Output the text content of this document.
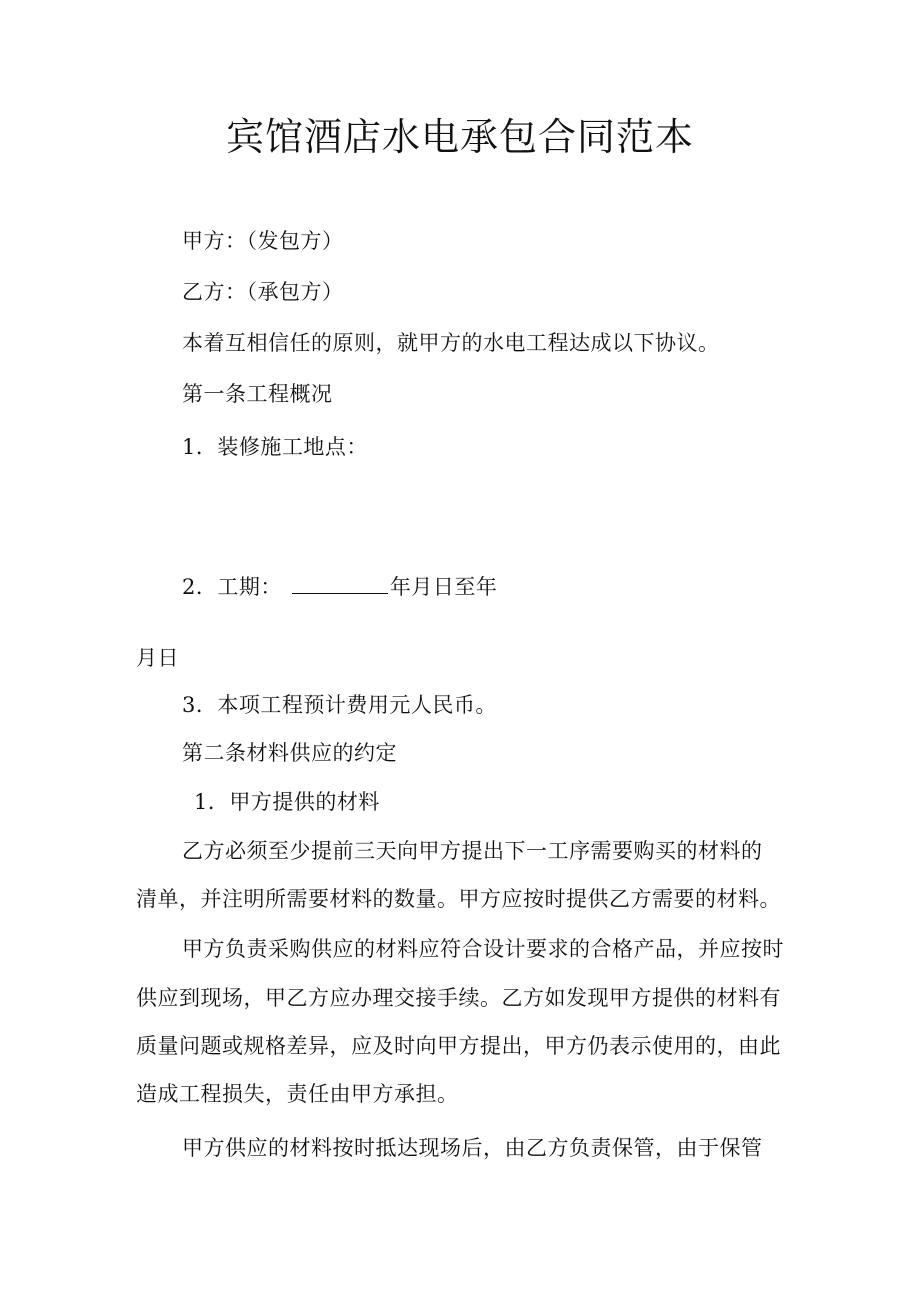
宾馆酒店水电承包合同范本
甲方：（发包方）
乙方：（承包方）
本着互相信任的原则，就甲方的水电工程达成以下协议。
第一条工程概况
1．装修施工地点：
2．工期：	年月日至年
月日
3．本项工程预计费用元人民币。
第二条材料供应的约定
1．甲方提供的材料
乙方必须至少提前三天向甲方提出下一工序需要购买的材料的
清单，并注明所需要材料的数量。甲方应按时提供乙方需要的材料。
甲方负责采购供应的材料应符合设计要求的合格产品，并应按时
供应到现场，甲乙方应办理交接手续。乙方如发现甲方提供的材料有
质量问题或规格差异，应及时向甲方提出，甲方仍表示使用的，由此
造成工程损失，责任由甲方承担。
甲方供应的材料按时抵达现场后，由乙方负责保管，由于保管
